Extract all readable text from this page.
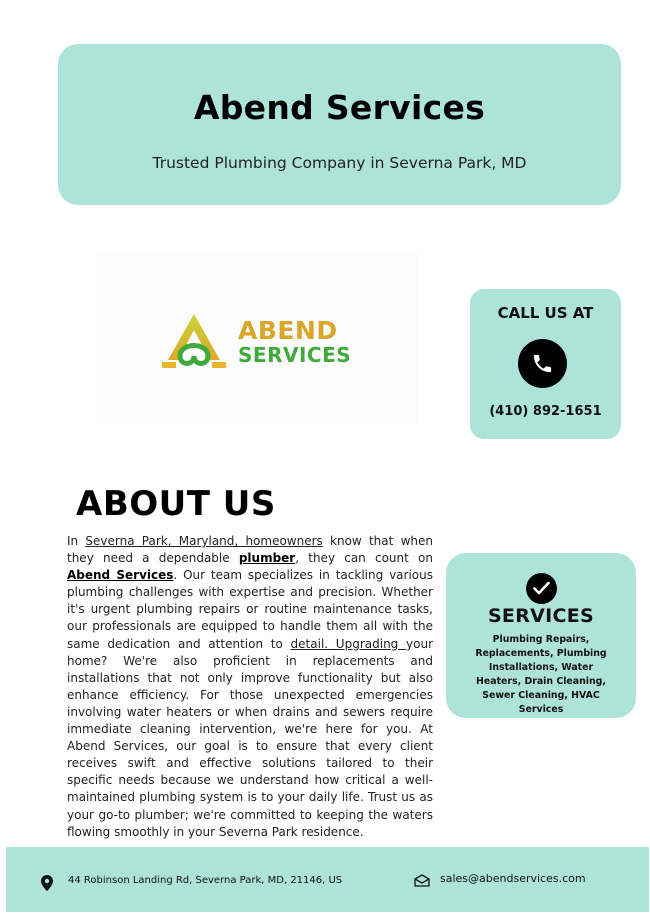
Abend Services
Trusted Plumbing Company in Severna Park, MD
ABEND
SERVICES
CALL US AT
(410) 892-1651
ABOUT US
In Severna Park, Maryland, homeowners know that when they need a dependable plumber, they can count on Abend Services. Our team specializes in tackling various plumbing challenges with expertise and precision. Whether it's urgent plumbing repairs or routine maintenance tasks, our professionals are equipped to handle them all with the same dedication and attention to detail. Upgrading your home? We're also proficient in replacements and installations that not only improve functionality but also enhance efficiency. For those unexpected emergencies involving water heaters or when drains and sewers require immediate cleaning intervention, we're here for you. At Abend Services, our goal is to ensure that every client receives swift and effective solutions tailored to their specific needs because we understand how critical a well-maintained plumbing system is to your daily life. Trust us as your go-to plumber; we're committed to keeping the waters flowing smoothly in your Severna Park residence.
SERVICES
Plumbing Repairs, Replacements, Plumbing Installations, Water Heaters, Drain Cleaning, Sewer Cleaning, HVAC Services
44 Robinson Landing Rd, Severna Park, MD, 21146, US	sales@abendservices.com
